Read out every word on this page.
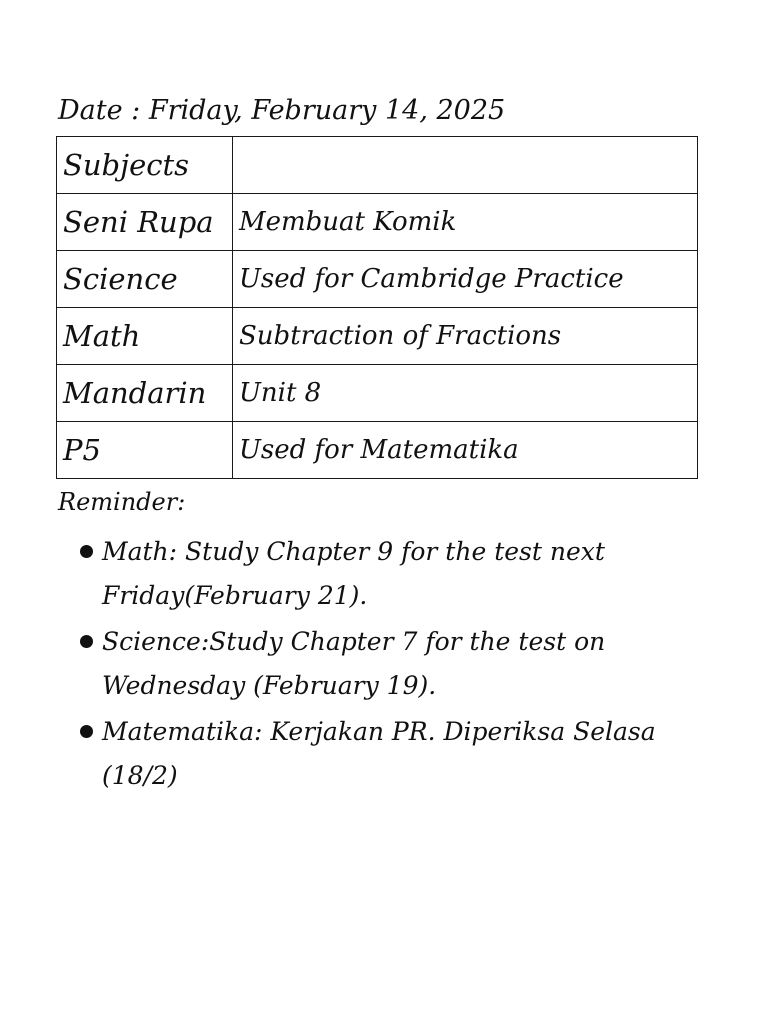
Date : Friday, February 14, 2025
Subjects	
Seni Rupa	Membuat Komik
Science	Used for Cambridge Practice
Math	Subtraction of Fractions
Mandarin	Unit 8
P5	Used for Matematika
Reminder:
Math: Study Chapter 9 for the test next Friday(February 21).
Science:Study Chapter 7 for the test on Wednesday (February 19).
Matematika: Kerjakan PR. Diperiksa Selasa (18/2)
